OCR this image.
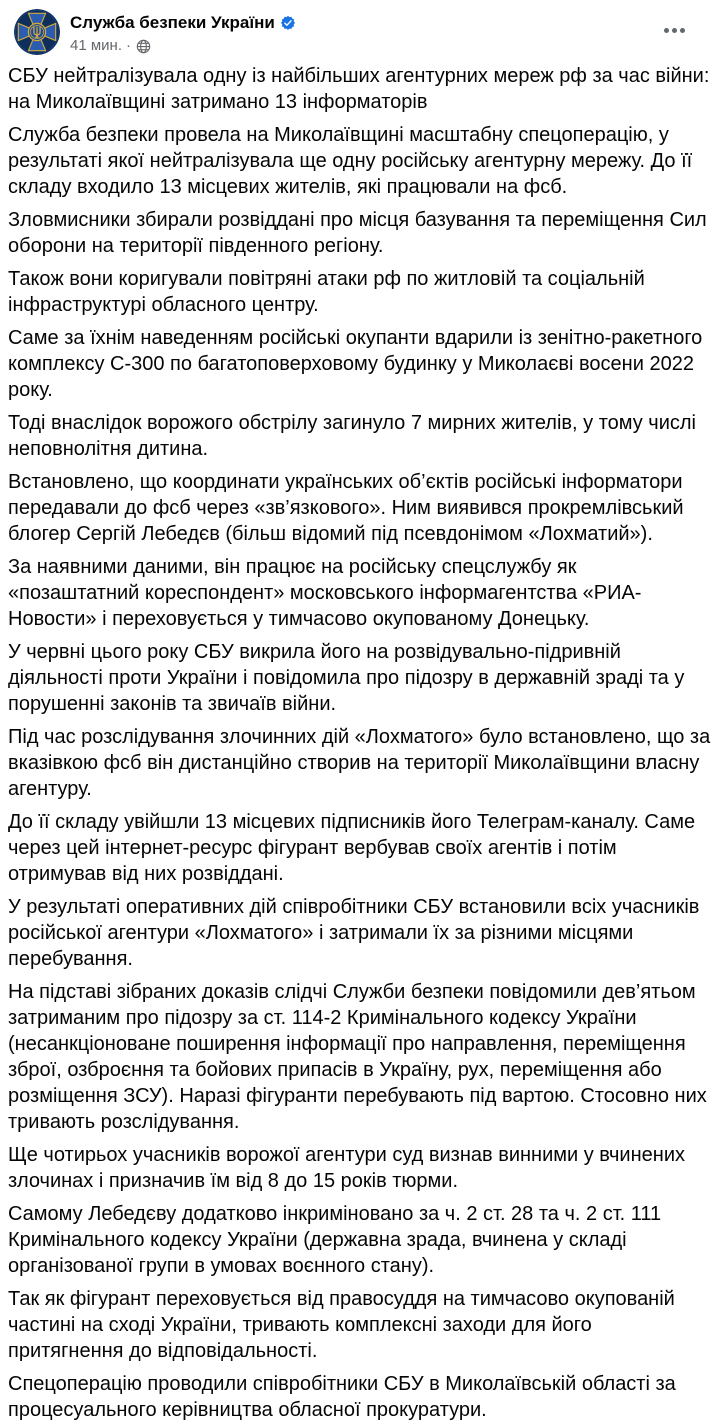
Служба безпеки України
41 мин. ·

СБУ нейтралізувала одну із найбільших агентурних мереж рф за час війни: на Миколаївщині затримано 13 інформаторів

Служба безпеки провела на Миколаївщині масштабну спецоперацію, у результаті якої нейтралізувала ще одну російську агентурну мережу. До її складу входило 13 місцевих жителів, які працювали на фсб.

Зловмисники збирали розвіддані про місця базування та переміщення Сил оборони на території південного регіону.

Також вони коригували повітряні атаки рф по житловій та соціальній інфраструктурі обласного центру.

Саме за їхнім наведенням російські окупанти вдарили із зенітно-ракетного комплексу С-300 по багатоповерховому будинку у Миколаєві восени 2022 року.

Тоді внаслідок ворожого обстрілу загинуло 7 мирних жителів, у тому числі неповнолітня дитина.

Встановлено, що координати українських об’єктів російські інформатори передавали до фсб через «зв’язкового». Ним виявився прокремлівський блогер Сергій Лебедєв (більш відомий під псевдонімом «Лохматий»).

За наявними даними, він працює на російську спецслужбу як «позаштатний кореспондент» московського інформагентства «РИА-Новости» і переховується у тимчасово окупованому Донецьку.

У червні цього року СБУ викрила його на розвідувально-підривній діяльності проти України і повідомила про підозру в державній зраді та у порушенні законів та звичаїв війни.

Під час розслідування злочинних дій «Лохматого» було встановлено, що за вказівкою фсб він дистанційно створив на території Миколаївщини власну агентуру.

До її складу увійшли 13 місцевих підписників його Телеграм-каналу. Саме через цей інтернет-ресурс фігурант вербував своїх агентів і потім отримував від них розвіддані.

У результаті оперативних дій співробітники СБУ встановили всіх учасників російської агентури «Лохматого» і затримали їх за різними місцями перебування.

На підставі зібраних доказів слідчі Служби безпеки повідомили дев’ятьом затриманим про підозру за ст. 114-2 Кримінального кодексу України (несанкціоноване поширення інформації про направлення, переміщення зброї, озброєння та бойових припасів в Україну, рух, переміщення або розміщення ЗСУ). Наразі фігуранти перебувають під вартою. Стосовно них тривають розслідування.

Ще чотирьох учасників ворожої агентури суд визнав винними у вчинених злочинах і призначив їм від 8 до 15 років тюрми.

Самому Лебедєву додатково інкриміновано за ч. 2 ст. 28 та ч. 2 ст. 111 Кримінального кодексу України (державна зрада, вчинена у складі організованої групи в умовах воєнного стану).

Так як фігурант переховується від правосуддя на тимчасово окупованій частині на сході України, тривають комплексні заходи для його притягнення до відповідальності.

Спецоперацію проводили співробітники СБУ в Миколаївській області за процесуального керівництва обласної прокуратури.
